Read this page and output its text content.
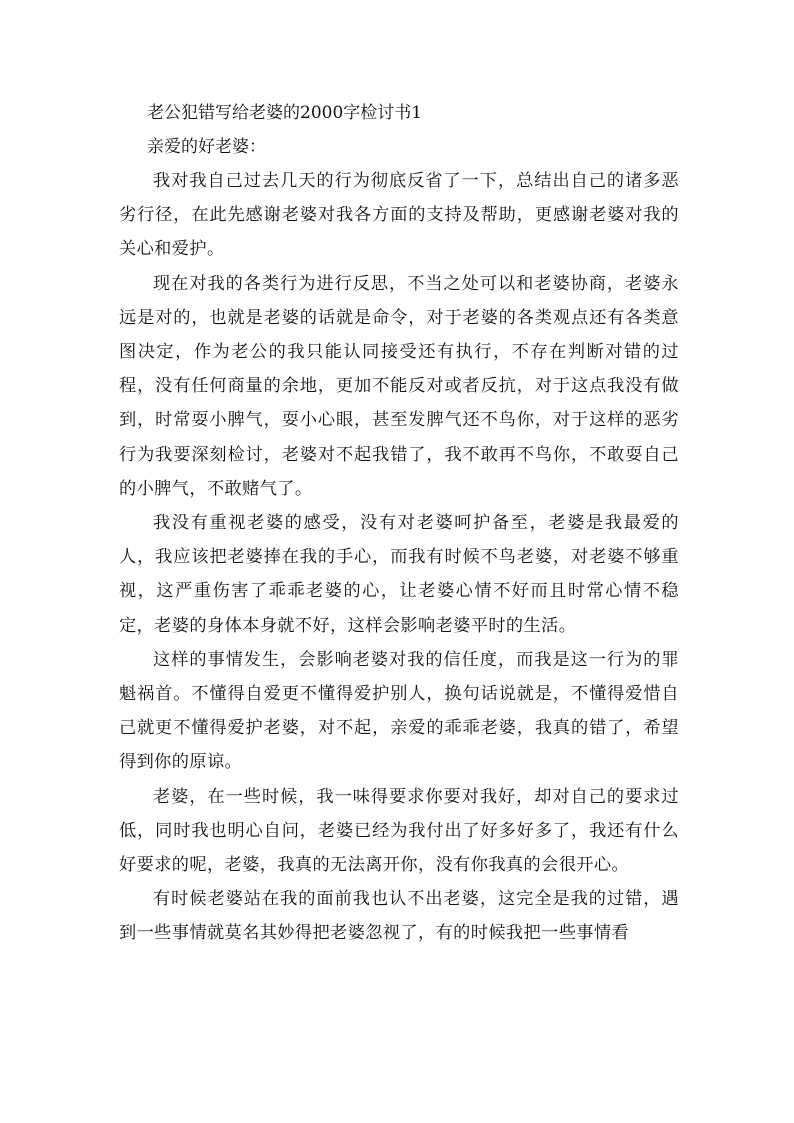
老公犯错写给老婆的2000字检讨书1

亲爱的好老婆：

我对我自己过去几天的行为彻底反省了一下，总结出自己的诸多恶劣行径，在此先感谢老婆对我各方面的支持及帮助，更感谢老婆对我的关心和爱护。

现在对我的各类行为进行反思，不当之处可以和老婆协商，老婆永远是对的，也就是老婆的话就是命令，对于老婆的各类观点还有各类意图决定，作为老公的我只能认同接受还有执行，不存在判断对错的过程，没有任何商量的余地，更加不能反对或者反抗，对于这点我没有做到，时常耍小脾气，耍小心眼，甚至发脾气还不鸟你，对于这样的恶劣行为我要深刻检讨，老婆对不起我错了，我不敢再不鸟你，不敢耍自己的小脾气，不敢赌气了。

我没有重视老婆的感受，没有对老婆呵护备至，老婆是我最爱的人，我应该把老婆捧在我的手心，而我有时候不鸟老婆，对老婆不够重视，这严重伤害了乖乖老婆的心，让老婆心情不好而且时常心情不稳定，老婆的身体本身就不好，这样会影响老婆平时的生活。

这样的事情发生，会影响老婆对我的信任度，而我是这一行为的罪魁祸首。不懂得自爱更不懂得爱护别人，换句话说就是，不懂得爱惜自己就更不懂得爱护老婆，对不起，亲爱的乖乖老婆，我真的错了，希望得到你的原谅。

老婆，在一些时候，我一味得要求你要对我好，却对自己的要求过低，同时我也明心自问，老婆已经为我付出了好多好多了，我还有什么好要求的呢，老婆，我真的无法离开你，没有你我真的会很开心。

有时候老婆站在我的面前我也认不出老婆，这完全是我的过错，遇到一些事情就莫名其妙得把老婆忽视了，有的时候我把一些事情看
